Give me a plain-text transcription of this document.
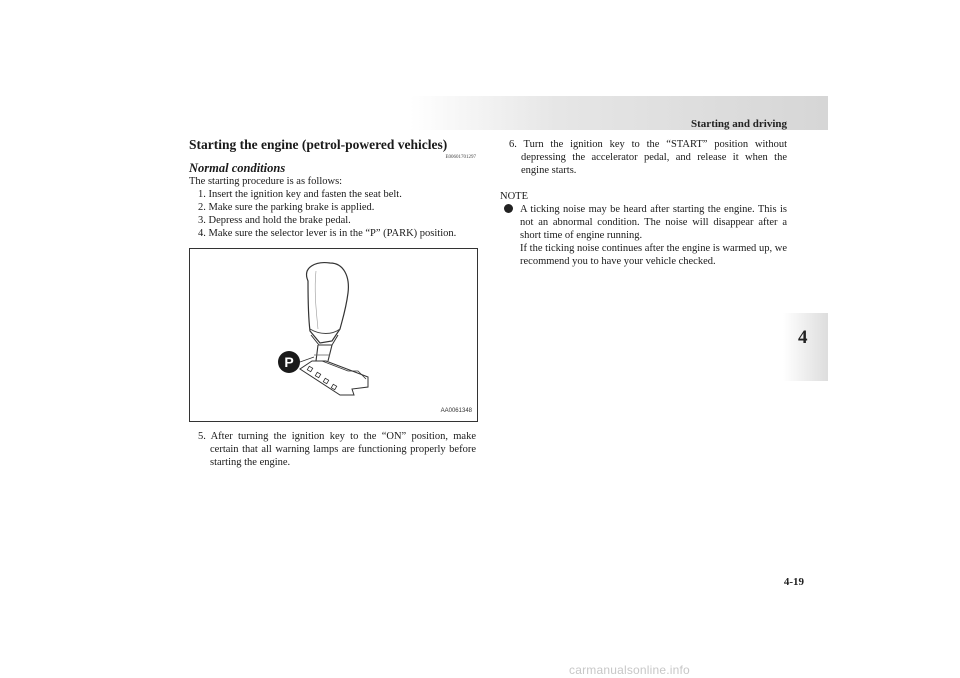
Starting and driving
4
Starting the engine (petrol-powered vehicles)
E00601701297
Normal conditions
The starting procedure is as follows:
1. Insert the ignition key and fasten the seat belt.
2. Make sure the parking brake is applied.
3. Depress and hold the brake pedal.
4. Make sure the selector lever is in the “P” (PARK) position.
P
AA0061348
5. After turning the ignition key to the “ON” position, make certain that all warning lamps are functioning properly before starting the engine.
6. Turn the ignition key to the “START” position without depressing the accelerator pedal, and release it when the engine starts.
NOTE
A ticking noise may be heard after starting the engine. This is not an abnormal condition. The noise will disappear after a short time of engine running.
If the ticking noise continues after the engine is warmed up, we recommend you to have your vehicle checked.
4-19
carmanualsonline.info
